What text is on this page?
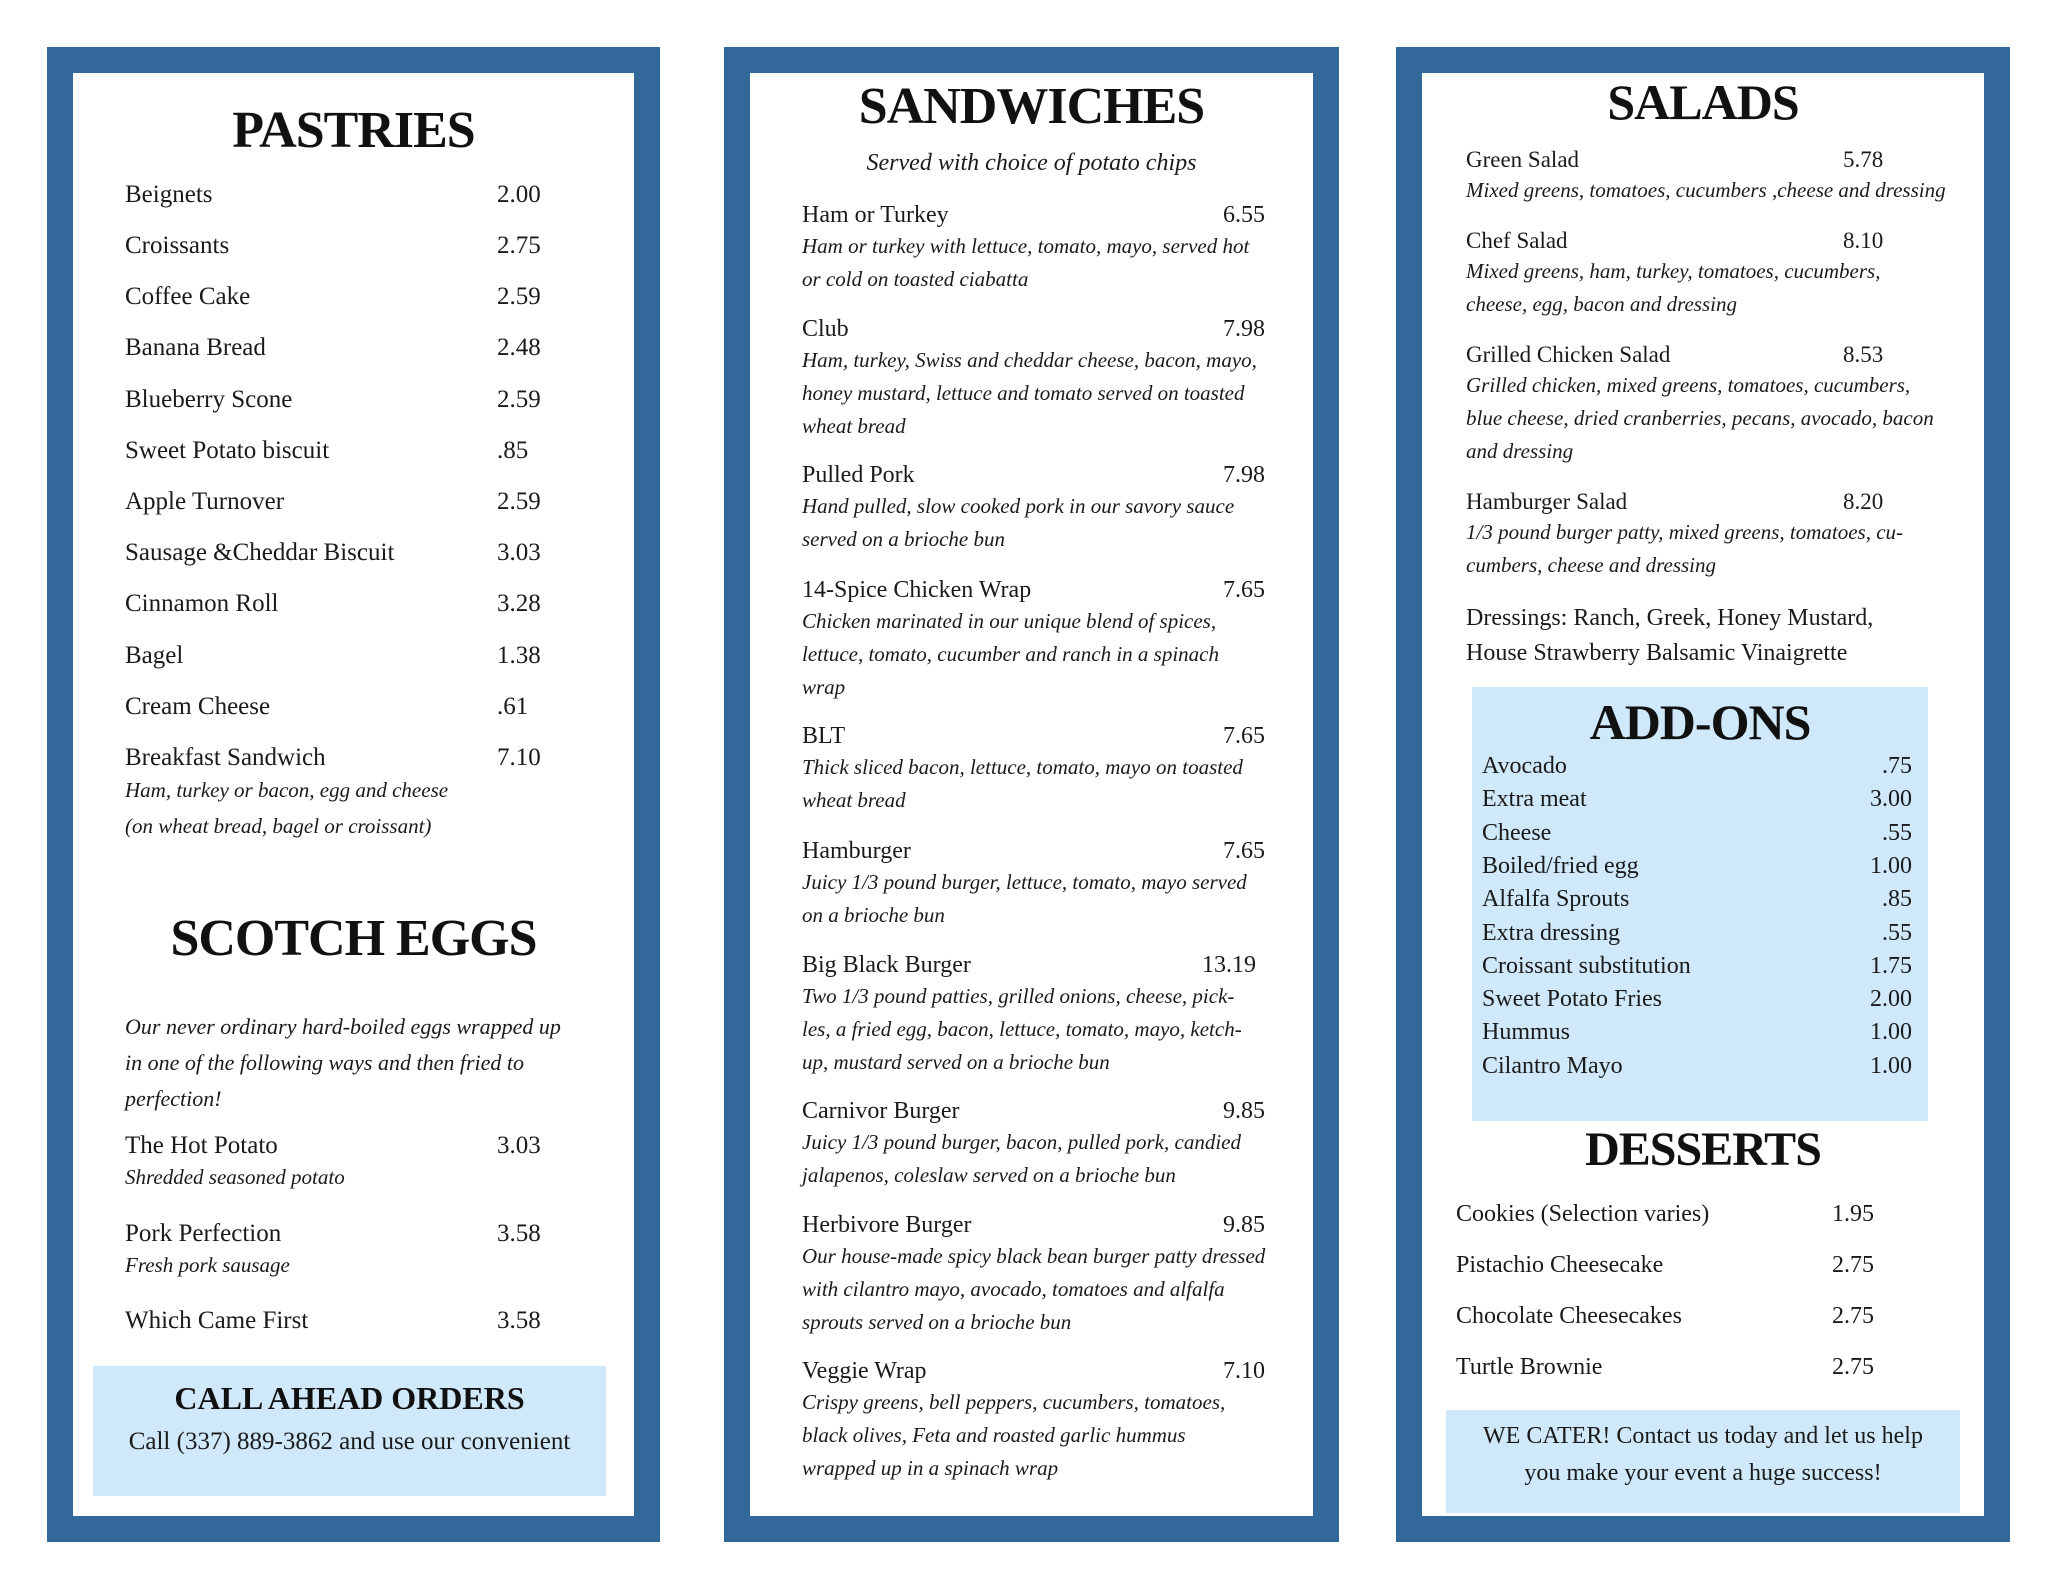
PASTRIES
Beignets	2.00
Croissants	2.75
Coffee Cake	2.59
Banana Bread	2.48
Blueberry Scone	2.59
Sweet Potato biscuit	.85
Apple Turnover	2.59
Sausage &Cheddar Biscuit	3.03
Cinnamon Roll	3.28
Bagel	1.38
Cream Cheese	.61
Breakfast Sandwich	7.10
Ham, turkey or bacon, egg and cheese
(on wheat bread, bagel or croissant)
SCOTCH EGGS
Our never ordinary hard-boiled eggs wrapped up
in one of the following ways and then fried to
perfection!
The Hot Potato	3.03
Shredded seasoned potato
Pork Perfection	3.58
Fresh pork sausage
Which Came First	3.58
CALL AHEAD ORDERS
Call (337) 889-3862 and use our convenient
SANDWICHES
Served with choice of potato chips
Ham or Turkey	6.55
Ham or turkey with lettuce, tomato, mayo, served hot
or cold on toasted ciabatta
Club	7.98
Ham, turkey, Swiss and cheddar cheese, bacon, mayo,
honey mustard, lettuce and tomato served on toasted
wheat bread
Pulled Pork	7.98
Hand pulled, slow cooked pork in our savory sauce
served on a brioche bun
14-Spice Chicken Wrap	7.65
Chicken marinated in our unique blend of spices,
lettuce, tomato, cucumber and ranch in a spinach
wrap
BLT	7.65
Thick sliced bacon, lettuce, tomato, mayo on toasted
wheat bread
Hamburger	7.65
Juicy 1/3 pound burger, lettuce, tomato, mayo served
on a brioche bun
Big Black Burger	13.19
Two 1/3 pound patties, grilled onions, cheese, pick-
les, a fried egg, bacon, lettuce, tomato, mayo, ketch-
up, mustard served on a brioche bun
Carnivor Burger	9.85
Juicy 1/3 pound burger, bacon, pulled pork, candied
jalapenos, coleslaw served on a brioche bun
Herbivore Burger	9.85
Our house-made spicy black bean burger patty dressed
with cilantro mayo, avocado, tomatoes and alfalfa
sprouts served on a brioche bun
Veggie Wrap	7.10
Crispy greens, bell peppers, cucumbers, tomatoes,
black olives, Feta and roasted garlic hummus
wrapped up in a spinach wrap
SALADS
Green Salad	5.78
Mixed greens, tomatoes, cucumbers ,cheese and dressing
Chef Salad	8.10
Mixed greens, ham, turkey, tomatoes, cucumbers,
cheese, egg, bacon and dressing
Grilled Chicken Salad	8.53
Grilled chicken, mixed greens, tomatoes, cucumbers,
blue cheese, dried cranberries, pecans, avocado, bacon
and dressing
Hamburger Salad	8.20
1/3 pound burger patty, mixed greens, tomatoes, cu-
cumbers, cheese and dressing
Dressings: Ranch, Greek, Honey Mustard,
House Strawberry Balsamic Vinaigrette
ADD-ONS
Avocado	.75
Extra meat	3.00
Cheese	.55
Boiled/fried egg	1.00
Alfalfa Sprouts	.85
Extra dressing	.55
Croissant substitution	1.75
Sweet Potato Fries	2.00
Hummus	1.00
Cilantro Mayo	1.00
DESSERTS
Cookies (Selection varies)	1.95
Pistachio Cheesecake	2.75
Chocolate Cheesecakes	2.75
Turtle Brownie	2.75
WE CATER! Contact us today and let us help
you make your event a huge success!
